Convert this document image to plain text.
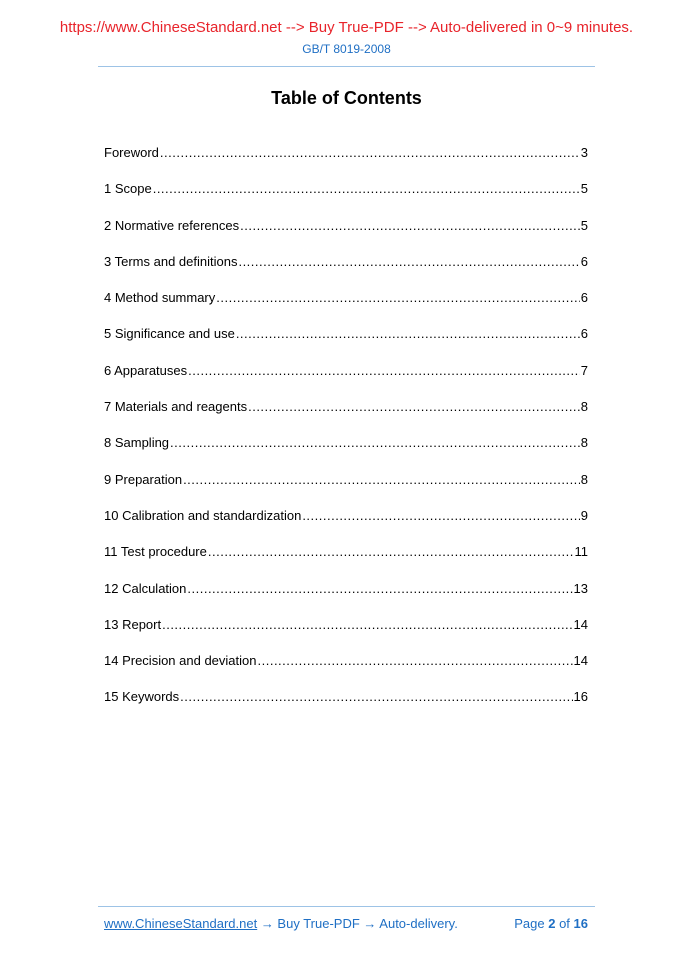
https://www.ChineseStandard.net --> Buy True-PDF --> Auto-delivered in 0~9 minutes.
GB/T 8019-2008
Table of Contents
Foreword .....	3
1 Scope .....	5
2 Normative references .....	5
3 Terms and definitions .....	6
4 Method summary .....	6
5 Significance and use .....	6
6 Apparatuses .....	7
7 Materials and reagents .....	8
8 Sampling .....	8
9 Preparation .....	8
10 Calibration and standardization .....	9
11 Test procedure .....	11
12 Calculation .....	13
13 Report .....	14
14 Precision and deviation .....	14
15 Keywords .....	16
www.ChineseStandard.net → Buy True-PDF → Auto-delivery.	Page 2 of 16
